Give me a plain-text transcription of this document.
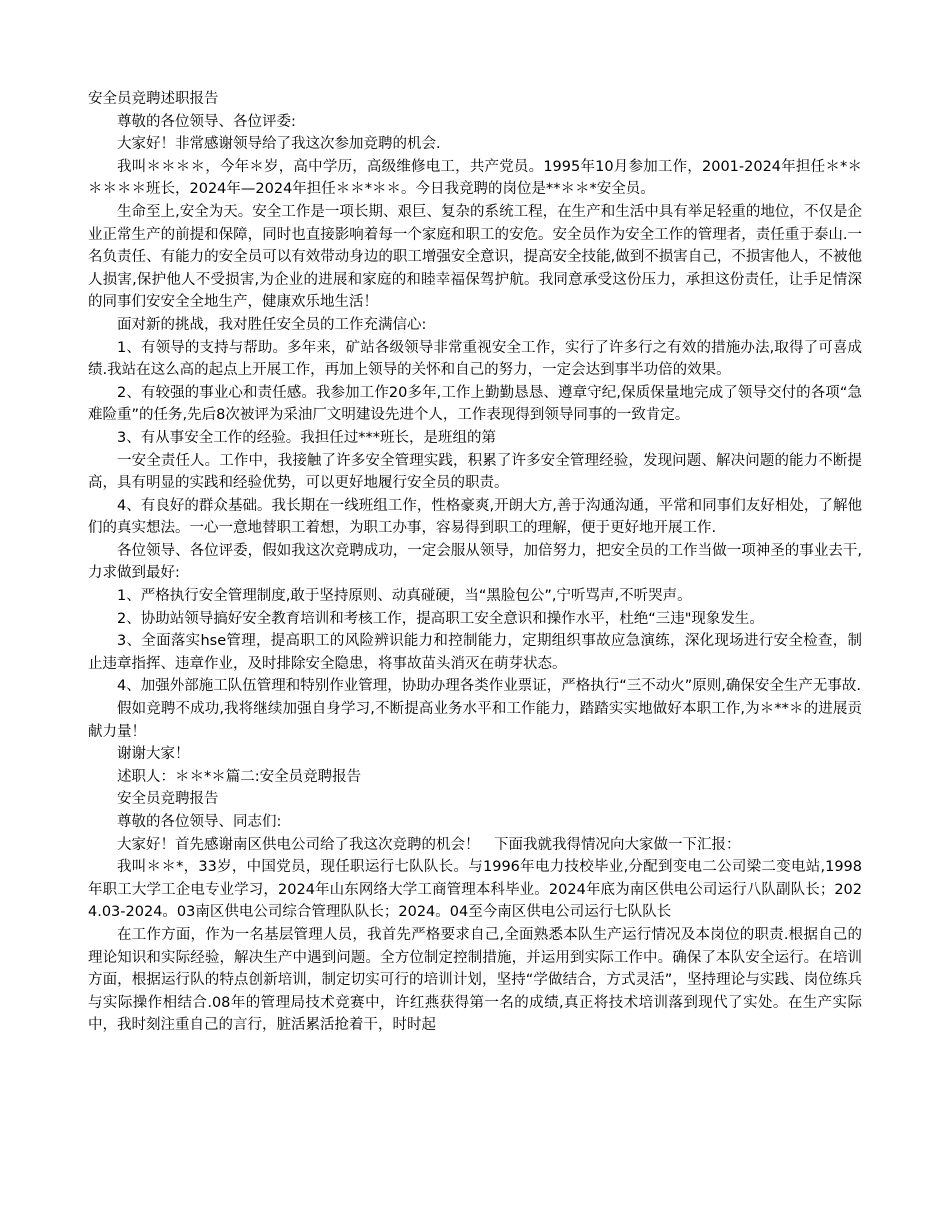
安全员竞聘述职报告

尊敬的各位领导、各位评委:

大家好！非常感谢领导给了我这次参加竞聘的机会.

我叫＊＊＊＊，今年＊岁，高中学历，高级维修电工，共产党员。1995年10月参加工作，2001-2024年担任＊*＊＊＊＊＊班长，2024年—2024年担任＊＊*＊＊。今日我竞聘的岗位是**＊＊*安全员。

生命至上,安全为天。安全工作是一项长期、艰巨、复杂的系统工程，在生产和生活中具有举足轻重的地位，不仅是企业正常生产的前提和保障，同时也直接影响着每一个家庭和职工的安危。安全员作为安全工作的管理者，责任重于泰山.一名负责任、有能力的安全员可以有效带动身边的职工增强安全意识，提高安全技能,做到不损害自己，不损害他人，不被他人损害,保护他人不受损害,为企业的进展和家庭的和睦幸福保驾护航。我同意承受这份压力，承担这份责任，让手足情深的同事们安安全全地生产，健康欢乐地生活！

面对新的挑战，我对胜任安全员的工作充满信心:

1、有领导的支持与帮助。多年来，矿站各级领导非常重视安全工作，实行了许多行之有效的措施办法,取得了可喜成绩.我站在这么高的起点上开展工作，再加上领导的关怀和自己的努力，一定会达到事半功倍的效果。

2、有较强的事业心和责任感。我参加工作20多年,工作上勤勤恳恳、遵章守纪,保质保量地完成了领导交付的各项“急难险重”的任务,先后8次被评为采油厂文明建设先进个人，工作表现得到领导同事的一致肯定。

3、有从事安全工作的经验。我担任过***班长，是班组的第

一安全责任人。工作中，我接触了许多安全管理实践，积累了许多安全管理经验，发现问题、解决问题的能力不断提高，具有明显的实践和经验优势，可以更好地履行安全员的职责。

4、有良好的群众基础。我长期在一线班组工作，性格豪爽,开朗大方,善于沟通沟通，平常和同事们友好相处，了解他们的真实想法。一心一意地替职工着想，为职工办事，容易得到职工的理解，便于更好地开展工作.

各位领导、各位评委，假如我这次竞聘成功，一定会服从领导，加倍努力，把安全员的工作当做一项神圣的事业去干,力求做到最好:

1、严格执行安全管理制度,敢于坚持原则、动真碰硬，当“黑脸包公”,宁听骂声,不听哭声。

2、协助站领导搞好安全教育培训和考核工作，提高职工安全意识和操作水平，杜绝“三违"现象发生。

3、全面落实hse管理，提高职工的风险辨识能力和控制能力，定期组织事故应急演练，深化现场进行安全检查，制止违章指挥、违章作业，及时排除安全隐患，将事故苗头消灭在萌芽状态。

4、加强外部施工队伍管理和特别作业管理，协助办理各类作业票证，严格执行“三不动火”原则,确保安全生产无事故.

假如竞聘不成功,我将继续加强自身学习,不断提高业务水平和工作能力，踏踏实实地做好本职工作,为＊**＊的进展贡献力量！

谢谢大家！

述职人：＊＊*＊篇二:安全员竞聘报告

安全员竞聘报告

尊敬的各位领导、同志们:

大家好！首先感谢南区供电公司给了我这次竞聘的机会！　下面我就我得情况向大家做一下汇报：

我叫＊＊*，33岁，中国党员，现任职运行七队队长。与1996年电力技校毕业,分配到变电二公司梁二变电站,1998年职工大学工企电专业学习，2024年山东网络大学工商管理本科毕业。2024年底为南区供电公司运行八队副队长；2024.03-2024。03南区供电公司综合管理队队长；2024。04至今南区供电公司运行七队队长

在工作方面，作为一名基层管理人员，我首先严格要求自己,全面熟悉本队生产运行情况及本岗位的职责.根据自己的理论知识和实际经验，解决生产中遇到问题。全方位制定控制措施，并运用到实际工作中。确保了本队安全运行。在培训方面，根据运行队的特点创新培训，制定切实可行的培训计划，坚持“学做结合，方式灵活”，坚持理论与实践、岗位练兵与实际操作相结合.08年的管理局技术竞赛中，许红燕获得第一名的成绩,真正将技术培训落到现代了实处。在生产实际中，我时刻注重自己的言行，脏活累活抢着干，时时起
